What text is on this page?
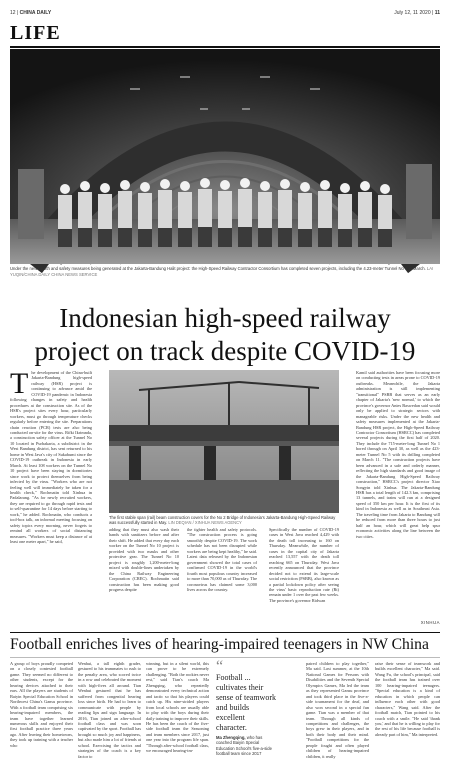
12 | CHINA DAILY	July 12, 11 2020 | 11
LIFE
Under the new health and safety measures being generated at the Jakarta-Bandung Halit project: the High-Speed Railway Contractor Consortium has completed seven projects, including the 4.23-meter Tunnel No 5 in March. LAI YUQIN/CHINA DAILY CHINA NEWS SERVICE
Indonesian high-speed railway
project on track despite COVID-19
T he development of the China-built Jakarta-Bandung high-speed railway (HSR) project is continuing to advance amid the COVID-19 pandemic in Indonesia following changes in safety and health procedures at the construction site. As of the HSR's project sites every hour, particularly workers, must go through temperature checks regularly before entering the site. Preparations chain reaction (PCR) tests are also being conducted on-site for the virus. Rifki Ikrimnda, a construction safety officer at the Tunnel No 10 located in Purbakarta, a subdistrict in the West Bandung district, has sent returned to his home in West Java's city of Sukabumi since the COVID-19 outbreak in Indonesia in early March. At least 108 workers on the Tunnel No 10 project have been staying in dormitories since work to protect themselves from being infected by the virus. "Workers who are not feeling well will immediately be taken for a health check," Rochmatin told Xinhua in Padalarang. "As for newly recruited workers, they are required to go through rapid tests and to self-quarantine for 14 days before starting to work," he added. Rochmatin, who conducts a tool-box talk, an informal meeting focusing on safety topics every morning, never forgets to remind all workers of social distancing measures. "Workers must keep a distance of at least one meter apart," he said,
The first stable span (rail) beam construction covers for the No 2 Bridge of Indonesia's Jakarta-Bandung High-Speed Railway was successfully started in May. LIN DEQIAN / XINHUA NEWS AGENCY
adding that they must also wash their hands with sanitizers before and after their shift. He added that every day each worker on the Tunnel No 10 project is provided with two masks and other protective gear. The Tunnel No 10 project is roughly 1,200-meter-long mixed with double-lines undertaken by the China Railway Engineering Corporation (CREC). Rochmatin said construction has been making good progress despite
the tighter health and safety protocols. "The construction process is going smoothly despite COVID-19. The work schedule has not been disrupted while workers are being kept healthy," he said. Latest data released by the Indonesian government showed the total cases of confirmed COVID-19 in the world's fourth most populous country increased to more than 70,000 as of Thursday. The coronavirus has claimed some 3,000 lives across the country.
Specifically the number of COVID-19 cases in West Java reached 4,429 with the death toll increasing to 160 on Thursday. Meanwhile, the number of cases in the capital city of Jakarta reached 13,557 with the death toll reaching 665 on Thursday. West Java recently announced that the province decided not to extend its large-scale social restriction (PSBB), also known as a partial lockdown policy after seeing the virus' basic reproduction rate (Rt) remain under 1 over the past few weeks. The province's governor Ridwan
Kamil said authorities have been focusing more on conducting tests in areas prone to COVID-19 outbreaks. Meanwhile, the Jakarta administration is still implementing "transitional" PSBB that serves as an early chapter of Jakarta's 'new normal,' to which the province's governor Anies Baswedan said would only be applied to strategic sectors with manageable risks. Under the new health and safety measures implemented at the Jakarta-Bandung HSR project, the High-Speed Railway Contractor Consortium (HSRCC) has completed several projects during the first half of 2020. They include the 715-meter-long Tunnel No 1 bored through on April 30, as well as the 423-meter Tunnel No 5 with its drilling completed on March 11. "The construction projects have been advanced in a safe and orderly manner, reflecting the high standards and good image of the Jakarta-Bandung High-Speed Railway construction," HSRCC's project director Xiao Songyin told Xinhua. The Jakarta-Bandung HSR has a total length of 142.3 km, comprising 13 tunnels, and trains will run at a designed speed of 350 km per hour. It is the first of its kind in Indonesia as well as in Southeast Asia. The traveling time from Jakarta to Bandung will be reduced from more than three hours to just half an hour, which will great help spur economic activities along the line between the two cities.
XINHUA
Football enriches lives of hearing-impaired teenagers in NW China
A group of boys proudly competed on a closely contested football game. They seemed no different to other students, except for the hearing devices attached to their ears. All the players are students of Baiyin Special Education School in Northwest China's Gansu province. With a football team comprising six hearing-impaired members, the team have together learned numerous skills and enjoyed their first football practice three years ago. After leaving their hometowns, they took up training with a teacher who
Wenhui, a tall eighth grader, gestured to his teammates to rush to the penalty area, who scored twice in a row and celebrated the moment with high-fives all around. Tian Wenhui gestured that he has suffered from congenital hearing loss since birth. He had to learn to communicate with people by reading lips and sign language. In 2016, Tian joined an after-school football class and was soon captivated by the sport. Football has brought so much joy and happiness, but also made him a lot of friends at school. Exercising the tactics and strategies of the coach is a key factor to
winning, but in a silent world, this can prove to be extremely challenging. "Both the rookies never rest," said Tian's coach Ma Zhengqing, who repeatedly demonstrated every technical action and tactic so that his players could catch up. His nine-strided players from local schools are usually able to play with the boys during their daily training to improve their skills. He has been the coach of the five-side football team the Seasoning and team members since 2017, just one year into the program life span. "Through after-school football class, we encouraged hearing-im-
“
Football ... cultivates their sense of teamwork and builds excellent character.
Ma Zhengqing, who has coached Baiyin Special Education School's five-a-side football team since 2017
paired children to play together," Ma said. Last summer, at the 10th National Games for Persons with Disabilities and the Seventh Special Olympics Games, Ma led the team as they represented Gansu province and took third place in the five-a-side tournament for the deaf, and also won second in a special fun game. Tian was a member of that team. Through all kinds of competitions and challenges, the boys grew in their players, and in both their body and their mind. "Football competitions for the people fought and often played children of hearing-impaired children, it really
raise their sense of teamwork and builds excellent character," Ma said. Wang Fu, the school's principal, said the football team has trained over 100 hearing-impaired teenagers. "Special education is a kind of education in which people can influence each other with good characters," Wang said. After the football match, Tian pointed to his coach with a smile. "He said 'thank you,' and that he is willing to play for the rest of his life because football is already part of him," Ma interpreted.
